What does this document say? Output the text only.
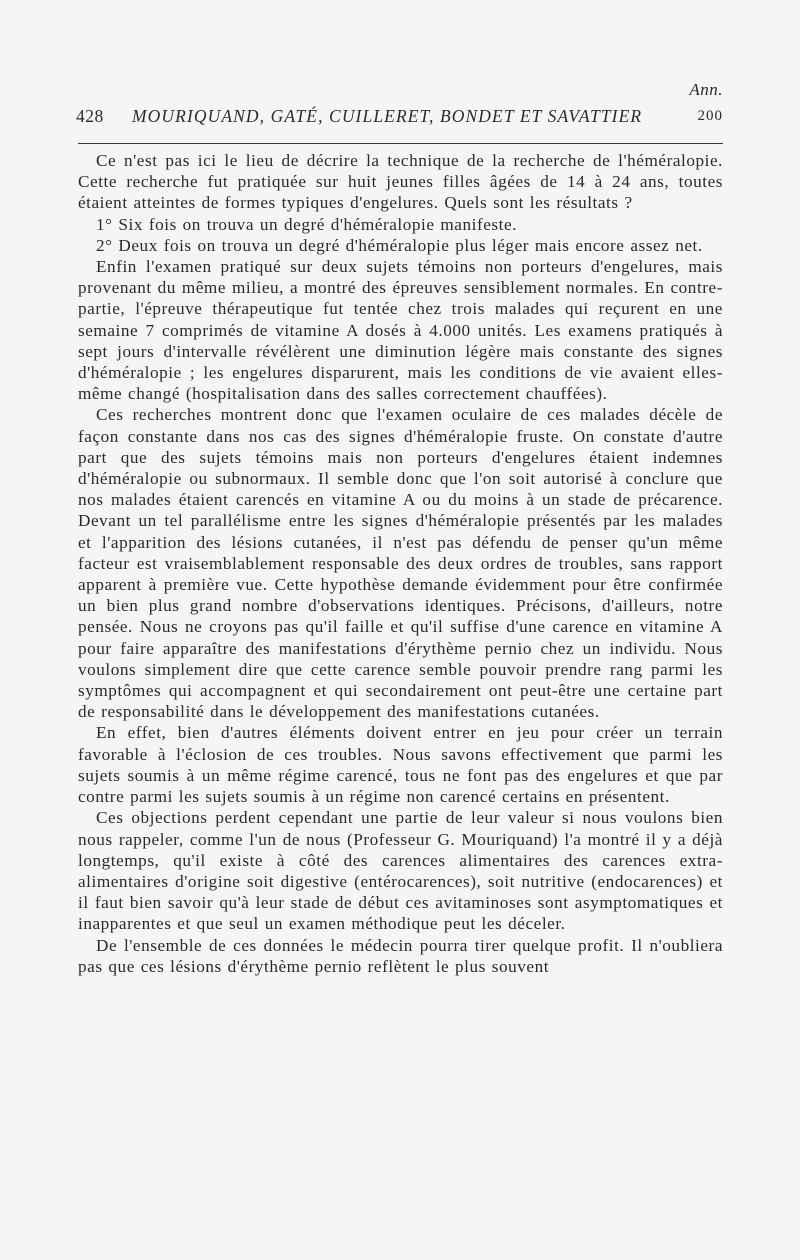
Ann.
428 MOURIQUAND, GATÉ, CUILLERET, BONDET ET SAVATTIER	200

Ce n'est pas ici le lieu de décrire la technique de la recherche de l'héméralopie. Cette recherche fut pratiquée sur huit jeunes filles âgées de 14 à 24 ans, toutes étaient atteintes de formes typiques d'engelures. Quels sont les résultats ?

1° Six fois on trouva un degré d'héméralopie manifeste.

2° Deux fois on trouva un degré d'héméralopie plus léger mais encore assez net.

Enfin l'examen pratiqué sur deux sujets témoins non porteurs d'engelures, mais provenant du même milieu, a montré des épreuves sensiblement normales. En contre-partie, l'épreuve thérapeutique fut tentée chez trois malades qui reçurent en une semaine 7 comprimés de vitamine A dosés à 4.000 unités. Les examens pratiqués à sept jours d'intervalle révélèrent une diminution légère mais constante des signes d'héméralopie ; les engelures disparurent, mais les conditions de vie avaient elles-même changé (hospitalisation dans des salles correctement chauffées).

Ces recherches montrent donc que l'examen oculaire de ces malades décèle de façon constante dans nos cas des signes d'héméralopie fruste. On constate d'autre part que des sujets témoins mais non porteurs d'engelures étaient indemnes d'héméralopie ou subnormaux. Il semble donc que l'on soit autorisé à conclure que nos malades étaient carencés en vitamine A ou du moins à un stade de précarence. Devant un tel parallélisme entre les signes d'héméralopie présentés par les malades et l'apparition des lésions cutanées, il n'est pas défendu de penser qu'un même facteur est vraisemblablement responsable des deux ordres de troubles, sans rapport apparent à première vue. Cette hypothèse demande évidemment pour être confirmée un bien plus grand nombre d'observations identiques. Précisons, d'ailleurs, notre pensée. Nous ne croyons pas qu'il faille et qu'il suffise d'une carence en vitamine A pour faire apparaître des manifestations d'érythème pernio chez un individu. Nous voulons simplement dire que cette carence semble pouvoir prendre rang parmi les symptômes qui accompagnent et qui secondairement ont peut-être une certaine part de responsabilité dans le développement des manifestations cutanées.

En effet, bien d'autres éléments doivent entrer en jeu pour créer un terrain favorable à l'éclosion de ces troubles. Nous savons effectivement que parmi les sujets soumis à un même régime carencé, tous ne font pas des engelures et que par contre parmi les sujets soumis à un régime non carencé certains en présentent.

Ces objections perdent cependant une partie de leur valeur si nous voulons bien nous rappeler, comme l'un de nous (Professeur G. Mouriquand) l'a montré il y a déjà longtemps, qu'il existe à côté des carences alimentaires des carences extra-alimentaires d'origine soit digestive (entérocarences), soit nutritive (endocarences) et il faut bien savoir qu'à leur stade de début ces avitaminoses sont asymptomatiques et inapparentes et que seul un examen méthodique peut les déceler.

De l'ensemble de ces données le médecin pourra tirer quelque profit. Il n'oubliera pas que ces lésions d'érythème pernio reflètent le plus souvent
